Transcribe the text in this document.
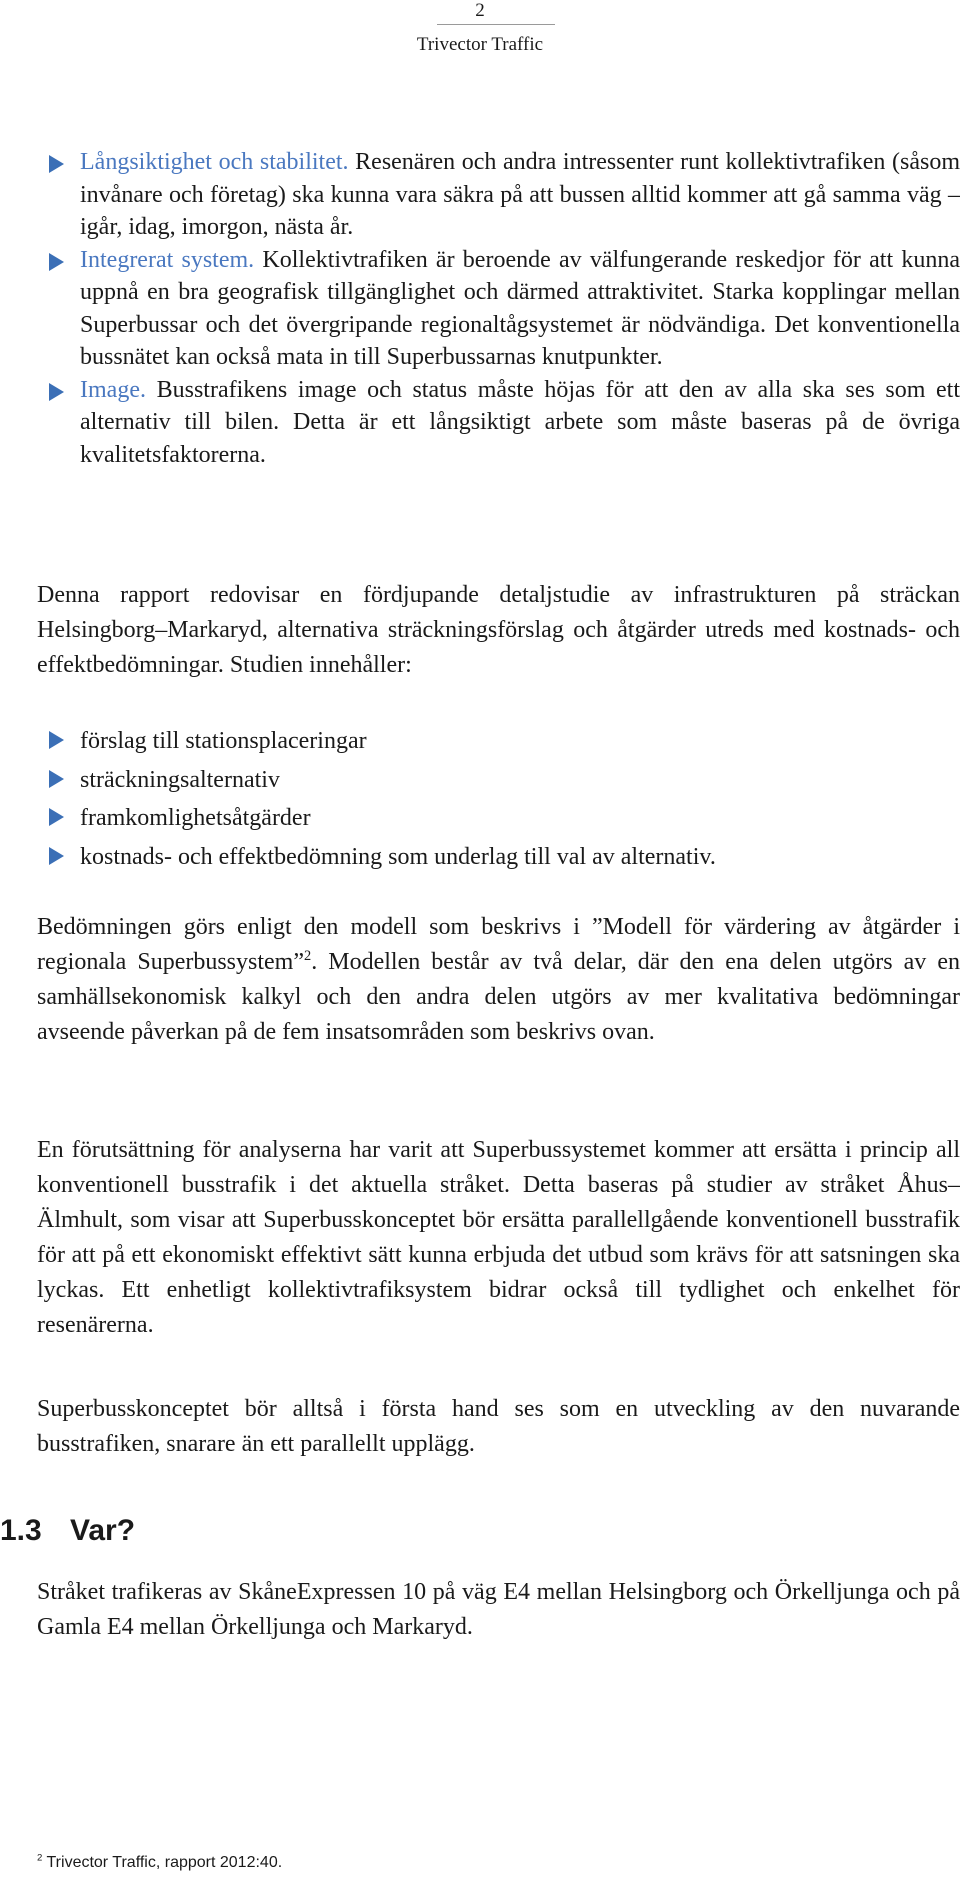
2
Trivector Traffic
Långsiktighet och stabilitet. Resenären och andra intressenter runt kollektivtrafiken (såsom invånare och företag) ska kunna vara säkra på att bussen alltid kommer att gå samma väg – igår, idag, imorgon, nästa år.
Integrerat system. Kollektivtrafiken är beroende av välfungerande reskedjor för att kunna uppnå en bra geografisk tillgänglighet och därmed attraktivitet. Starka kopplingar mellan Superbussar och det övergripande regionaltågsystemet är nödvändiga. Det konventionella bussnätet kan också mata in till Superbussarnas knutpunkter.
Image. Busstrafikens image och status måste höjas för att den av alla ska ses som ett alternativ till bilen. Detta är ett långsiktigt arbete som måste baseras på de övriga kvalitetsfaktorerna.

Denna rapport redovisar en fördjupande detaljstudie av infrastrukturen på sträckan Helsingborg–Markaryd, alternativa sträckningsförslag och åtgärder utreds med kostnads- och effektbedömningar. Studien innehåller:

förslag till stationsplaceringar
sträckningsalternativ
framkomlighetsåtgärder
kostnads- och effektbedömning som underlag till val av alternativ.

Bedömningen görs enligt den modell som beskrivs i ”Modell för värdering av åtgärder i regionala Superbussystem”$^2$. Modellen består av två delar, där den ena delen utgörs av en samhällsekonomisk kalkyl och den andra delen utgörs av mer kvalitativa bedömningar avseende påverkan på de fem insatsområden som beskrivs ovan.

En förutsättning för analyserna har varit att Superbussystemet kommer att ersätta i princip all konventionell busstrafik i det aktuella stråket. Detta baseras på studier av stråket Åhus–Älmhult, som visar att Superbusskonceptet bör ersätta parallellgående konventionell busstrafik för att på ett ekonomiskt effektivt sätt kunna erbjuda det utbud som krävs för att satsningen ska lyckas. Ett enhetligt kollektivtrafiksystem bidrar också till tydlighet och enkelhet för resenärerna.

Superbusskonceptet bör alltså i första hand ses som en utveckling av den nuvarande busstrafiken, snarare än ett parallellt upplägg.

1.3 Var?

Stråket trafikeras av SkåneExpressen 10 på väg E4 mellan Helsingborg och Örkelljunga och på Gamla E4 mellan Örkelljunga och Markaryd.

$^2$ Trivector Traffic, rapport 2012:40.
